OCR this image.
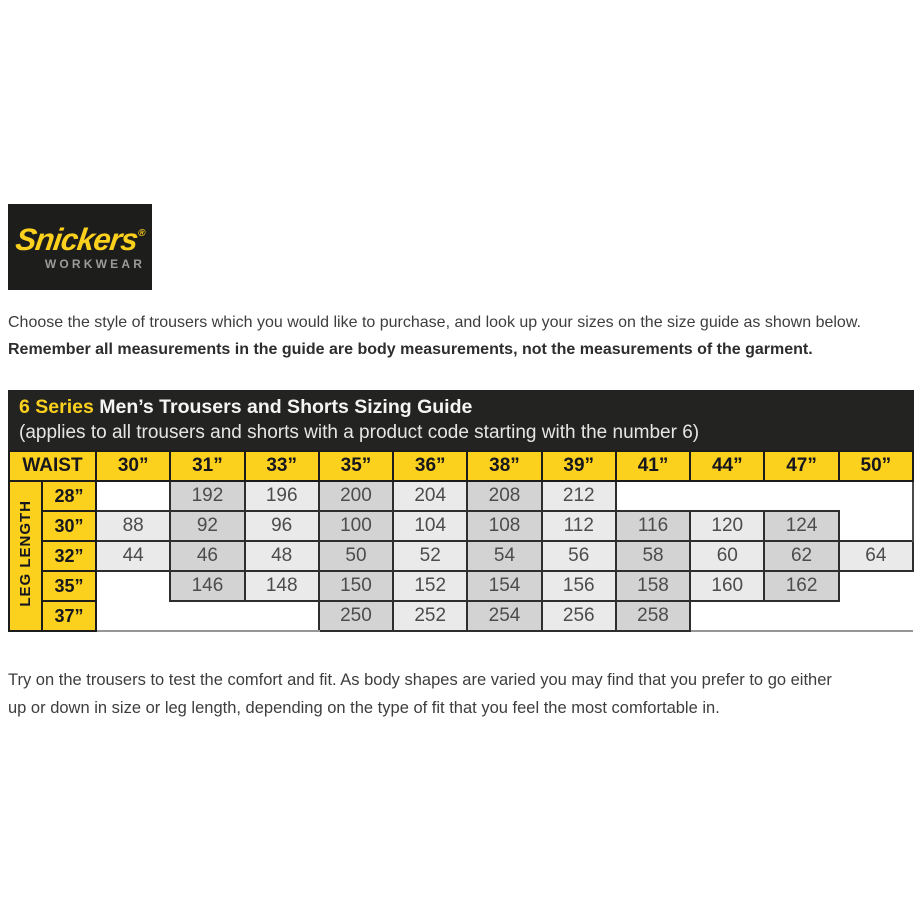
Snickers®
WORKWEAR
Choose the style of trousers which you would like to purchase, and look up your sizes on the size guide as shown below.
Remember all measurements in the guide are body measurements, not the measurements of the garment.
6 Series Men’s Trousers and Shorts Sizing Guide
(applies to all trousers and shorts with a product code starting with the number 6)
WAIST		30”	31”	33”	35”	36”	38”	39”	41”	44”	47”	50”
LEG LENGTH	28”		192	196	200	204	208	212				
	30”	88	92	96	100	104	108	112	116	120	124	
	32”	44	46	48	50	52	54	56	58	60	62	64
	35”		146	148	150	152	154	156	158	160	162	
	37”				250	252	254	256	258			
Try on the trousers to test the comfort and fit. As body shapes are varied you may find that you prefer to go either up or down in size or leg length, depending on the type of fit that you feel the most comfortable in.
